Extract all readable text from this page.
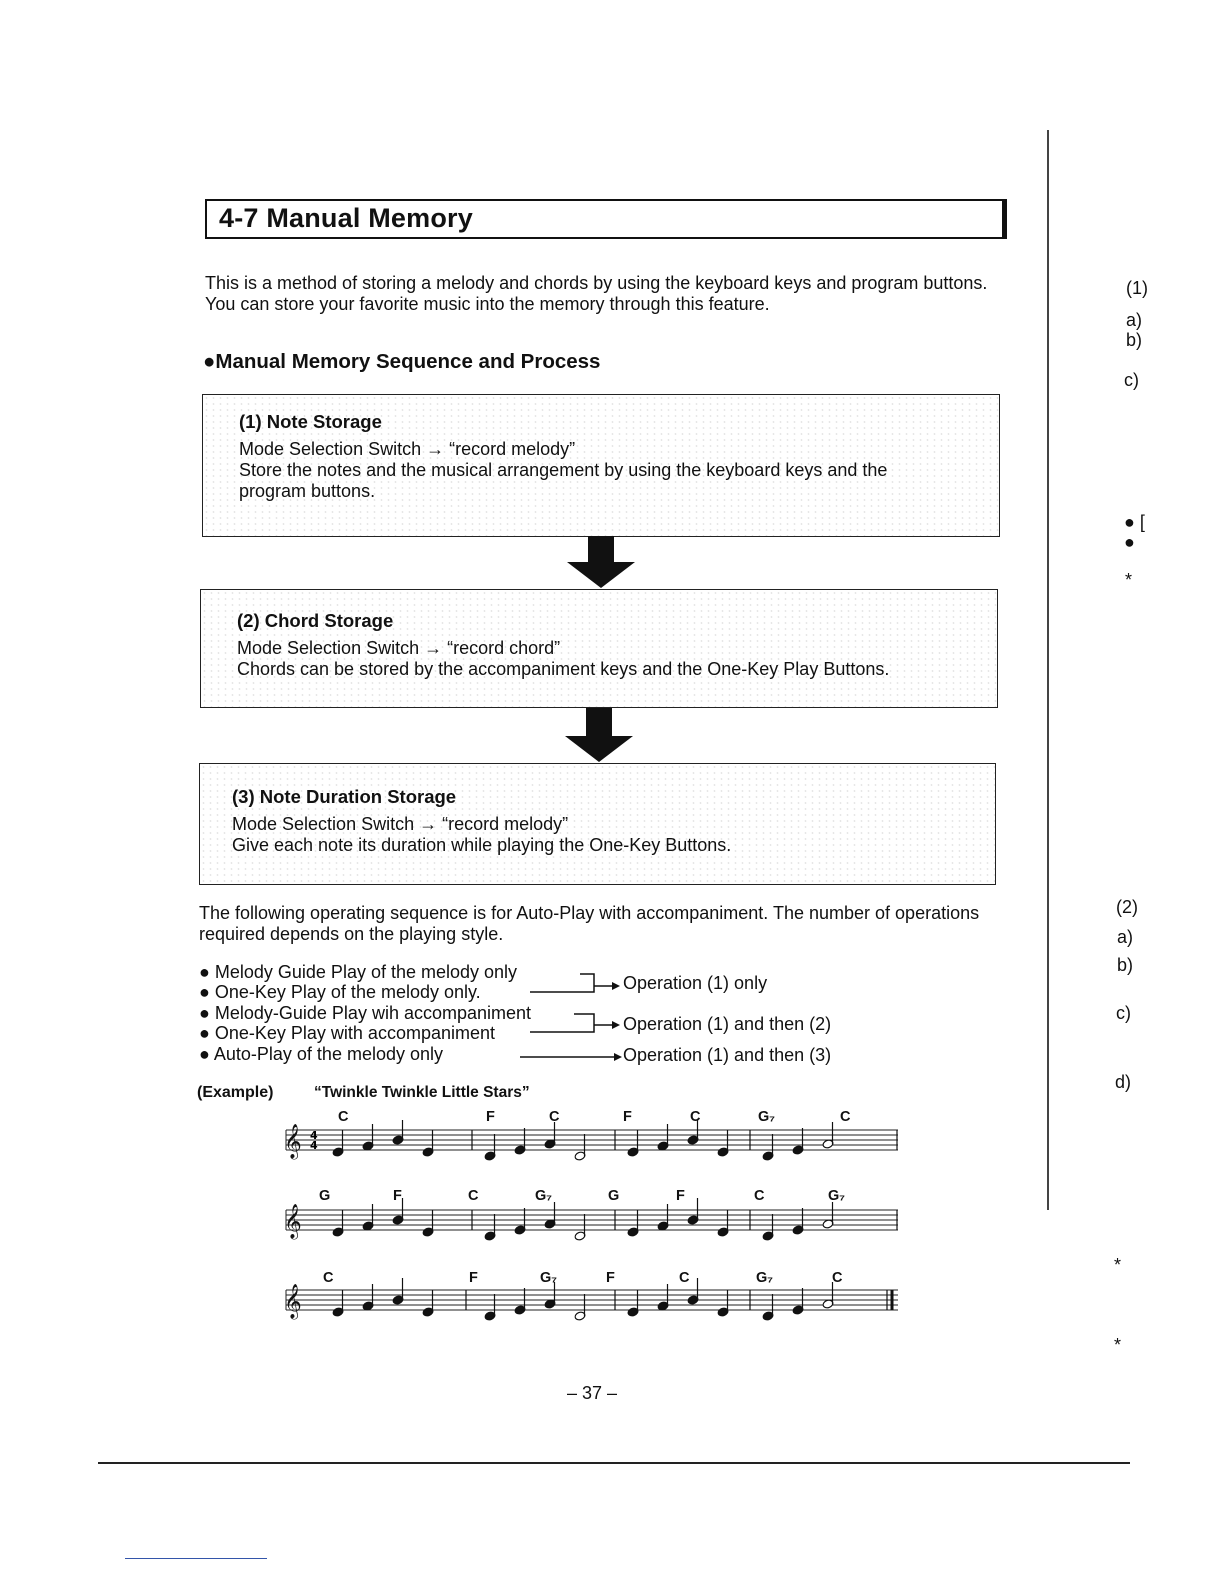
4-7 Manual Memory
This is a method of storing a melody and chords by using the keyboard keys and program buttons. You can store your favorite music into the memory through this feature.
●Manual Memory Sequence and Process
(1) Note Storage
Mode Selection Switch → “record melody”
Store the notes and the musical arrangement by using the keyboard keys and the
program buttons.
(2) Chord Storage
Mode Selection Switch → “record chord”
Chords can be stored by the accompaniment keys and the One-Key Play Buttons.
(3) Note Duration Storage
Mode Selection Switch → “record melody”
Give each note its duration while playing the One-Key Buttons.
The following operating sequence is for Auto-Play with accompaniment. The number of operations required depends on the playing style.
● Melody Guide Play of the melody only
● One-Key Play of the melody only.
● Melody-Guide Play wih accompaniment
● One-Key Play with accompaniment
● Auto-Play of the melody only
Operation (1) only
Operation (1) and then (2)
Operation (1) and then (3)
(Example)	“Twinkle Twinkle Little Stars”
C	F	C	F	C	G₇	C
G	F	C	G₇	G	F	C	G₇
C	F	G₇	F	C	G₇	C
𝄞
𝄞
𝄞
4
4
– 37 –
(1)
a)
b)
c)
● [
●
*
(2)
a)
b)
c)
d)
*
*
